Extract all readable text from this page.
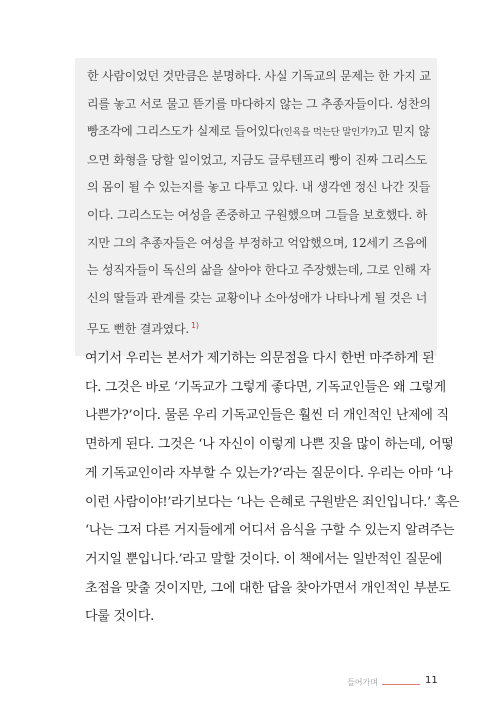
한 사람이었던 것만큼은 분명하다. 사실 기독교의 문제는 한 가지 교
리를 놓고 서로 물고 뜯기를 마다하지 않는 그 추종자들이다. 성찬의
빵조각에 그리스도가 실제로 들어있다(인육을 먹는단 말인가?)고 믿지 않
으면 화형을 당할 일이었고, 지금도 글루텐프리 빵이 진짜 그리스도
의 몸이 될 수 있는지를 놓고 다투고 있다. 내 생각엔 정신 나간 짓들
이다. 그리스도는 여성을 존중하고 구원했으며 그들을 보호했다. 하
지만 그의 추종자들은 여성을 부정하고 억압했으며, 12세기 즈음에
는 성직자들이 독신의 삶을 살아야 한다고 주장했는데, 그로 인해 자
신의 딸들과 관계를 갖는 교황이나 소아성애가 나타나게 될 것은 너
무도 뻔한 결과였다. $^{1)}$
여기서 우리는 본서가 제기하는 의문점을 다시 한번 마주하게 된
다. 그것은 바로 ‘기독교가 그렇게 좋다면, 기독교인들은 왜 그렇게
나쁜가?’이다. 물론 우리 기독교인들은 훨씬 더 개인적인 난제에 직
면하게 된다. 그것은 ‘나 자신이 이렇게 나쁜 짓을 많이 하는데, 어떻
게 기독교인이라 자부할 수 있는가?’라는 질문이다. 우리는 아마 ‘나
이런 사람이야!’라기보다는 ‘나는 은혜로 구원받은 죄인입니다.’ 혹은
‘나는 그저 다른 거지들에게 어디서 음식을 구할 수 있는지 알려주는
거지일 뿐입니다.’라고 말할 것이다. 이 책에서는 일반적인 질문에
초점을 맞출 것이지만, 그에 대한 답을 찾아가면서 개인적인 부분도
다룰 것이다.
들어가며	11
